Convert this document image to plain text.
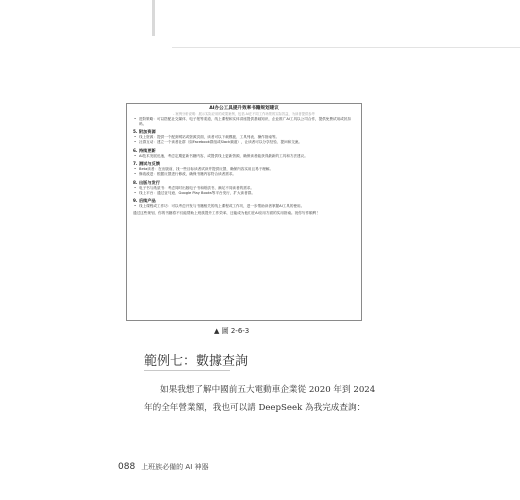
AI办公工具提升效率书籍规划建议
- 案例分析说明：展示实际应用的成果案例，包括 AI在不同工作场景的实际效益，为读者提供参考
• 进阶策略：可以搭配社交媒体、电子报等渠道，线上课程和实体讲座提供基础知识，企业推广AI工具以公司合作，提供免费试用或折扣码。
5. 附加资源
• 线上资源：提供一个配套网站或资源页面，读者可以下载模板、工具列表、操作指南等。
• 社群互动：建立一个读者社群（如Facebook群组或Slack频道），让读者可以分享经验、提问和交流。
6. 持续更新
• AI技术发展迅速，考虑定期更新书籍内容，或提供线上更新资源，确保读者能获得最新的工具和方法建议。
7. 测试与反馈
• Beta读者：在出版前，找一些目标读者试读并提供反馈，确保内容实用且易于理解。
• 修改改进：根据反馈进行修改，确保书籍内容符合读者需求。
8. 出版与发行
• 电子书与纸质书：考虑同时出版电子书和纸质书，满足不同读者的需求。
• 线上平台：通过亚马逊、Google Play Books等平台发行，扩大读者群。
9. 后续产品
• 线上课程或工作坊：可以考虑开发与书籍相关的线上课程或工作坊，进一步帮助读者掌握AI工具的使用。
通过这些规划，你的书籍将不仅能帮助上班族提升工作效率，还能成为他们在AI应用方面的实用指南。祝你写作顺利！
▲ 圖 2-6-3
範例七：數據查詢
如果我想了解中國前五大電動車企業從 2020 年到 2024 年的全年營業額，我也可以請 DeepSeek 為我完成查詢：
088 上班族必備的 AI 神器
